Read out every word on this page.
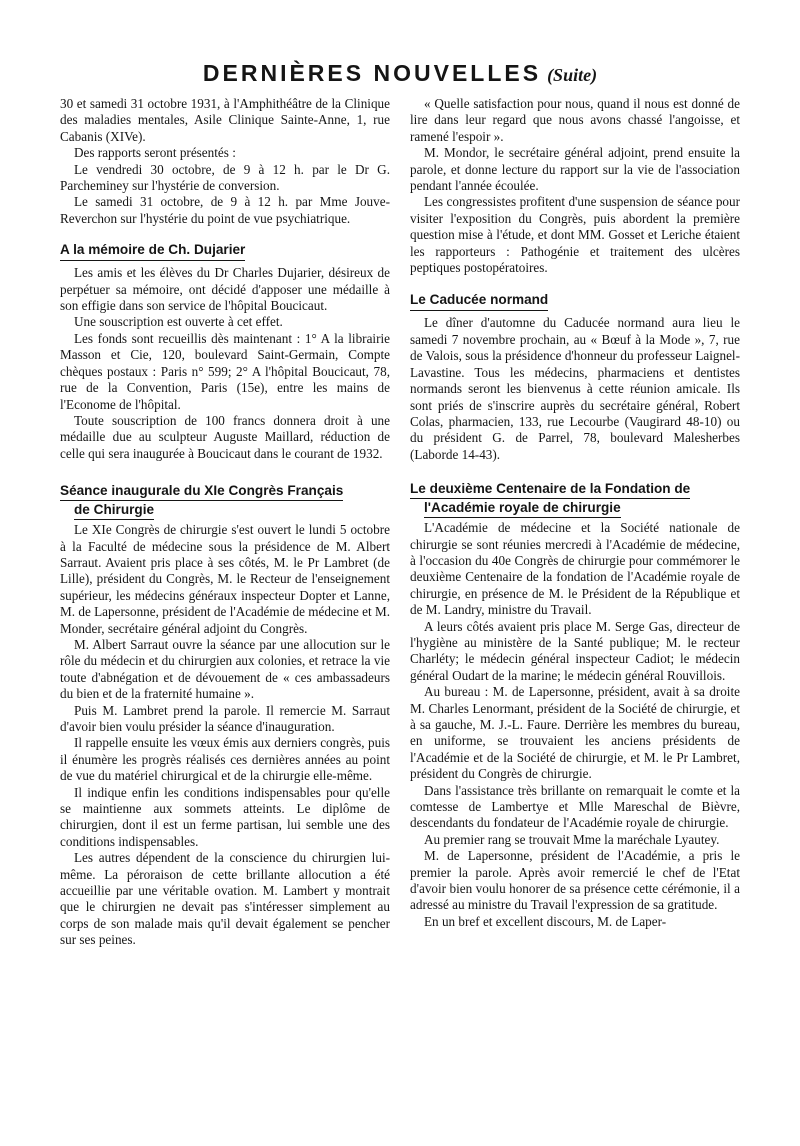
DERNIÈRES NOUVELLES (Suite)

30 et samedi 31 octobre 1931, à l'Amphithéâtre de la Clinique des maladies mentales, Asile Clinique Sainte-Anne, 1, rue Cabanis (XIVe).

Des rapports seront présentés :

Le vendredi 30 octobre, de 9 à 12 h. par le Dr G. Parcheminey sur l'hystérie de conversion.

Le samedi 31 octobre, de 9 à 12 h. par Mme Jouve-Reverchon sur l'hystérie du point de vue psychiatrique.

A la mémoire de Ch. Dujarier

Les amis et les élèves du Dr Charles Dujarier, désireux de perpétuer sa mémoire, ont décidé d'apposer une médaille à son effigie dans son service de l'hôpital Boucicaut.

Une souscription est ouverte à cet effet.

Les fonds sont recueillis dès maintenant : 1° A la librairie Masson et Cie, 120, boulevard Saint-Germain, Compte chèques postaux : Paris n° 599; 2° A l'hôpital Boucicaut, 78, rue de la Convention, Paris (15e), entre les mains de l'Econome de l'hôpital.

Toute souscription de 100 francs donnera droit à une médaille due au sculpteur Auguste Maillard, réduction de celle qui sera inaugurée à Boucicaut dans le courant de 1932.

Séance inaugurale du XIe Congrès Français
de Chirurgie

Le XIe Congrès de chirurgie s'est ouvert le lundi 5 octobre à la Faculté de médecine sous la présidence de M. Albert Sarraut. Avaient pris place à ses côtés, M. le Pr Lambret (de Lille), président du Congrès, M. le Recteur de l'enseignement supérieur, les médecins généraux inspecteur Dopter et Lanne, M. de Lapersonne, président de l'Académie de médecine et M. Monder, secrétaire général adjoint du Congrès.

M. Albert Sarraut ouvre la séance par une allocution sur le rôle du médecin et du chirurgien aux colonies, et retrace la vie toute d'abnégation et de dévouement de « ces ambassadeurs du bien et de la fraternité humaine ».

Puis M. Lambret prend la parole. Il remercie M. Sarraut d'avoir bien voulu présider la séance d'inauguration.

Il rappelle ensuite les vœux émis aux derniers congrès, puis il énumère les progrès réalisés ces dernières années au point de vue du matériel chirurgical et de la chirurgie elle-même.

Il indique enfin les conditions indispensables pour qu'elle se maintienne aux sommets atteints. Le diplôme de chirurgien, dont il est un ferme partisan, lui semble une des conditions indispensables.

Les autres dépendent de la conscience du chirurgien lui-même. La péroraison de cette brillante allocution a été accueillie par une véritable ovation. M. Lambert y montrait que le chirurgien ne devait pas s'intéresser simplement au corps de son malade mais qu'il devait également se pencher sur ses peines.

« Quelle satisfaction pour nous, quand il nous est donné de lire dans leur regard que nous avons chassé l'angoisse, et ramené l'espoir ».

M. Mondor, le secrétaire général adjoint, prend ensuite la parole, et donne lecture du rapport sur la vie de l'association pendant l'année écoulée.

Les congressistes profitent d'une suspension de séance pour visiter l'exposition du Congrès, puis abordent la première question mise à l'étude, et dont MM. Gosset et Leriche étaient les rapporteurs : Pathogénie et traitement des ulcères peptiques postopératoires.

Le Caducée normand

Le dîner d'automne du Caducée normand aura lieu le samedi 7 novembre prochain, au « Bœuf à la Mode », 7, rue de Valois, sous la présidence d'honneur du professeur Laignel-Lavastine. Tous les médecins, pharmaciens et dentistes normands seront les bienvenus à cette réunion amicale. Ils sont priés de s'inscrire auprès du secrétaire général, Robert Colas, pharmacien, 133, rue Lecourbe (Vaugirard 48-10) ou du président G. de Parrel, 78, boulevard Malesherbes (Laborde 14-43).

Le deuxième Centenaire de la Fondation de
l'Académie royale de chirurgie

L'Académie de médecine et la Société nationale de chirurgie se sont réunies mercredi à l'Académie de médecine, à l'occasion du 40e Congrès de chirurgie pour commémorer le deuxième Centenaire de la fondation de l'Académie royale de chirurgie, en présence de M. le Président de la République et de M. Landry, ministre du Travail.

A leurs côtés avaient pris place M. Serge Gas, directeur de l'hygiène au ministère de la Santé publique; M. le recteur Charléty; le médecin général inspecteur Cadiot; le médecin général Oudart de la marine; le médecin général Rouvillois.

Au bureau : M. de Lapersonne, président, avait à sa droite M. Charles Lenormant, président de la Société de chirurgie, et à sa gauche, M. J.-L. Faure. Derrière les membres du bureau, en uniforme, se trouvaient les anciens présidents de l'Académie et de la Société de chirurgie, et M. le Pr Lambret, président du Congrès de chirurgie.

Dans l'assistance très brillante on remarquait le comte et la comtesse de Lambertye et Mlle Mareschal de Bièvre, descendants du fondateur de l'Académie royale de chirurgie.

Au premier rang se trouvait Mme la maréchale Lyautey.

M. de Lapersonne, président de l'Académie, a pris le premier la parole. Après avoir remercié le chef de l'Etat d'avoir bien voulu honorer de sa présence cette cérémonie, il a adressé au ministre du Travail l'expression de sa gratitude.

En un bref et excellent discours, M. de Laper-
